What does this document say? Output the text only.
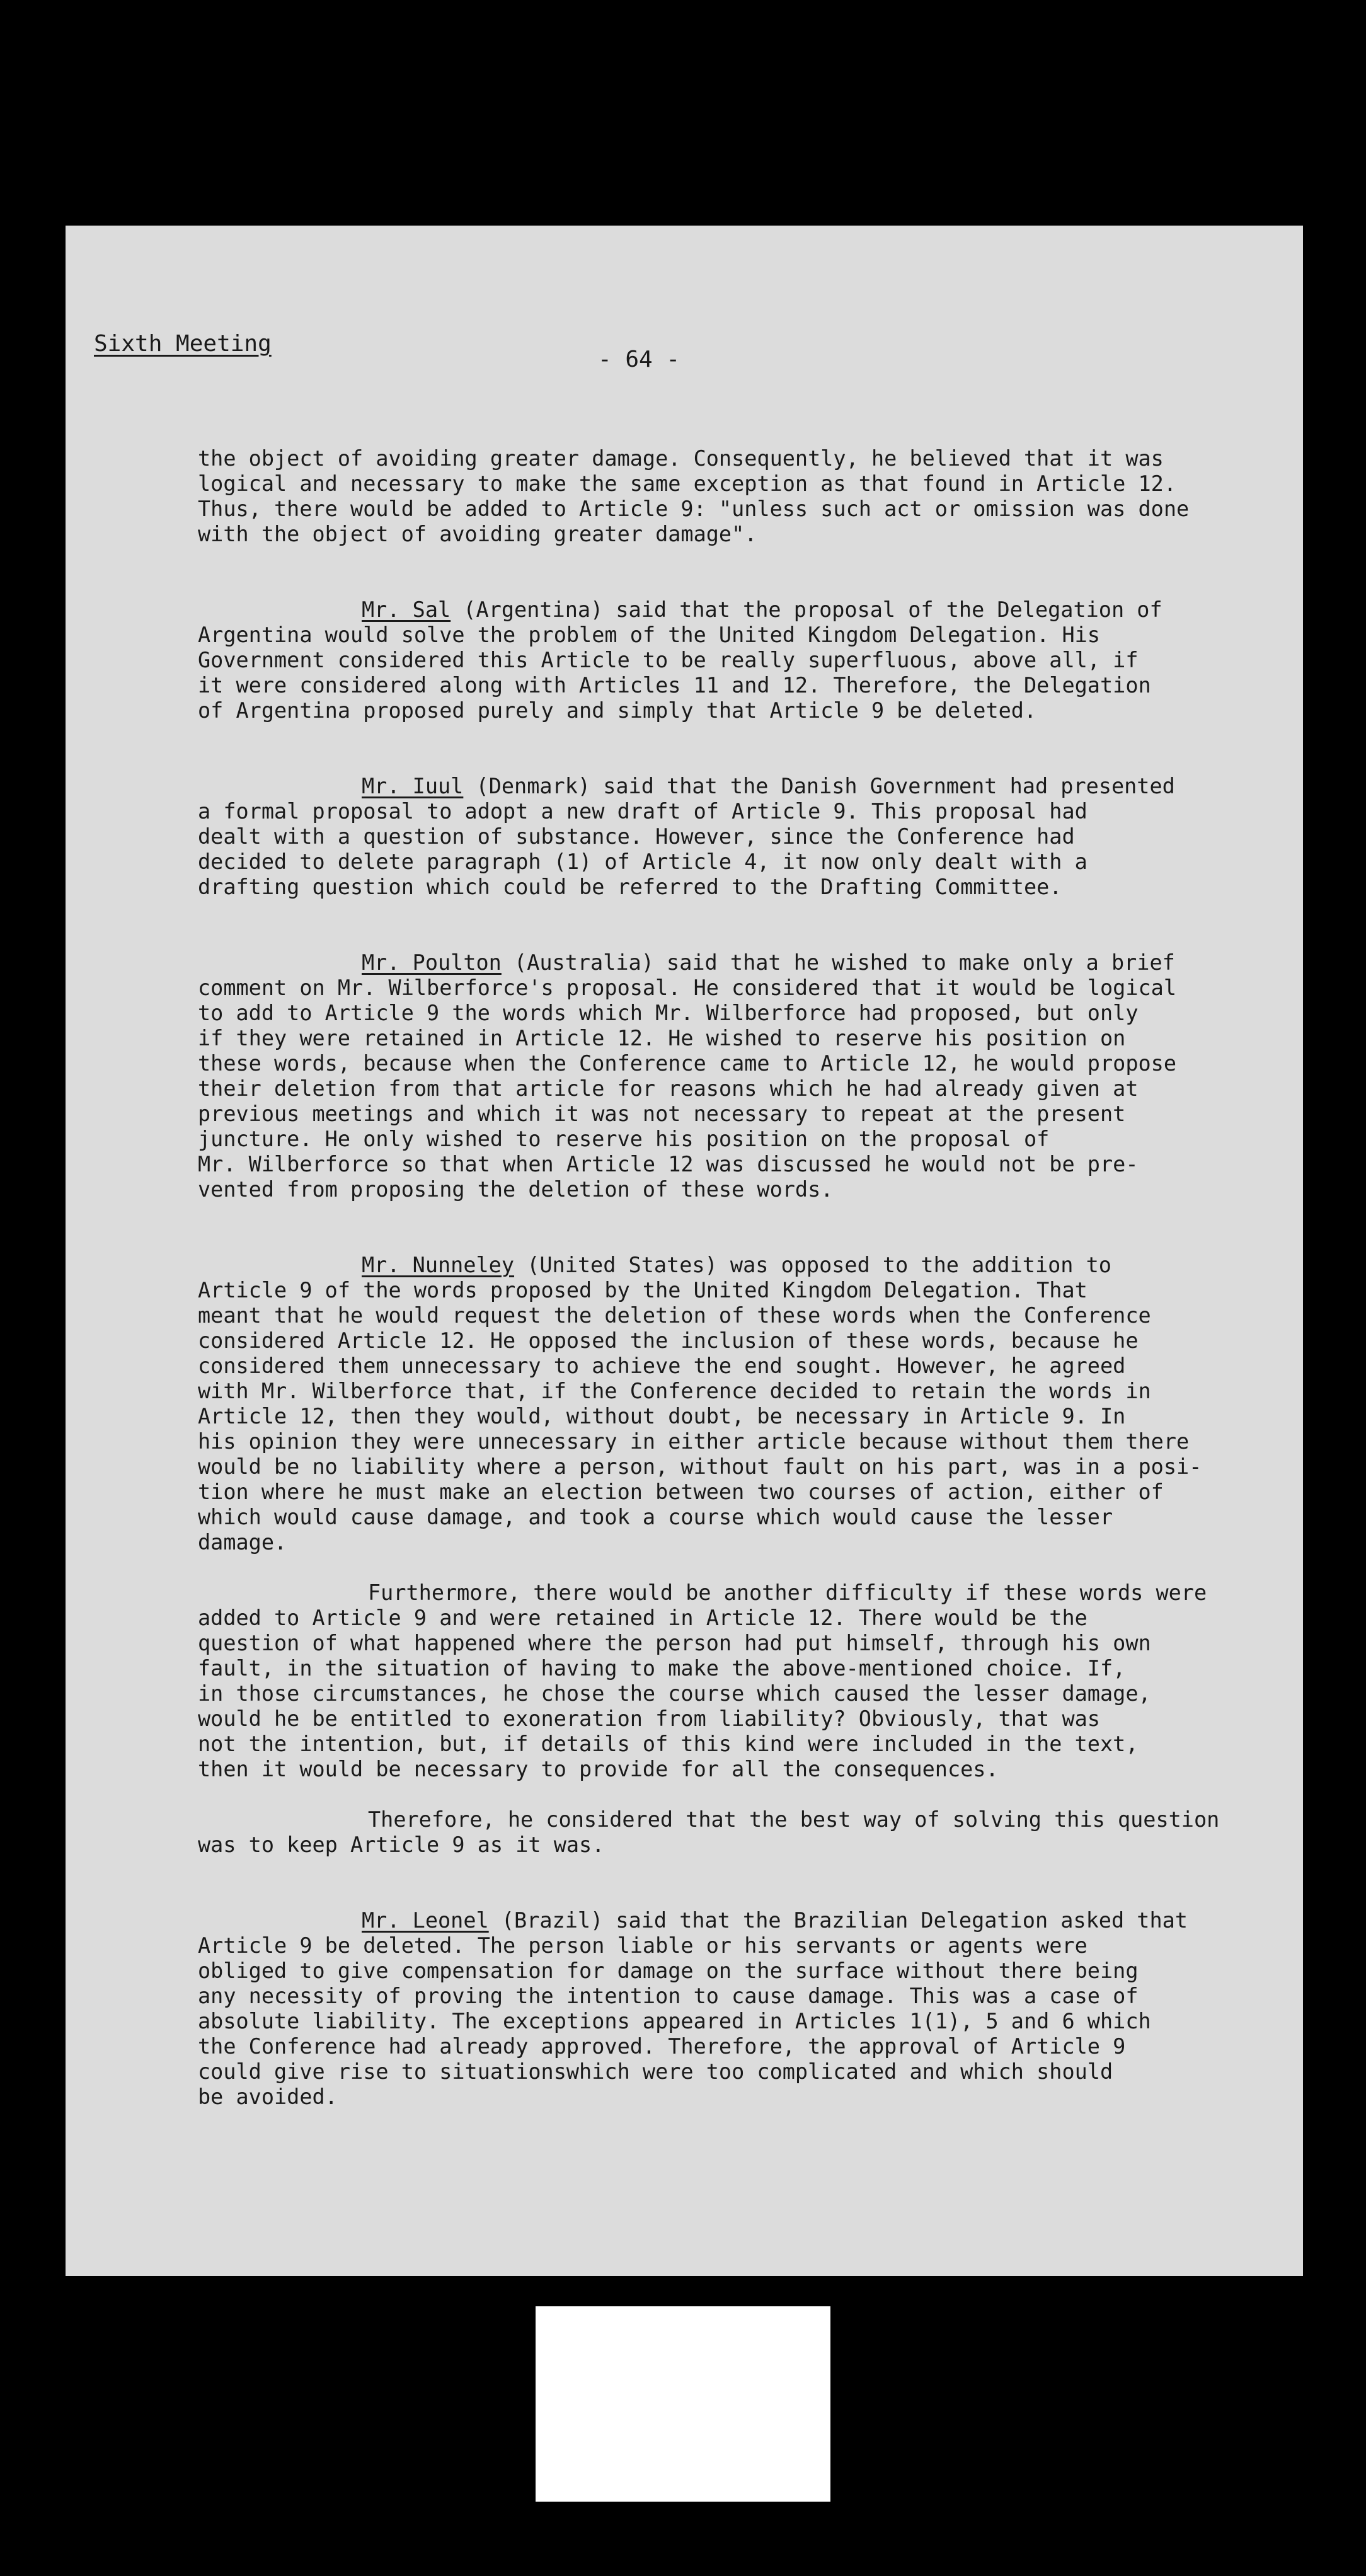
Sixth Meeting
- 64 -

the object of avoiding greater damage. Consequently, he believed that it was
logical and necessary to make the same exception as that found in Article 12.
Thus, there would be added to Article 9: "unless such act or omission was done
with the object of avoiding greater damage".

Mr. Sal (Argentina) said that the proposal of the Delegation of
Argentina would solve the problem of the United Kingdom Delegation. His
Government considered this Article to be really superfluous, above all, if
it were considered along with Articles 11 and 12. Therefore, the Delegation
of Argentina proposed purely and simply that Article 9 be deleted.

Mr. Iuul (Denmark) said that the Danish Government had presented
a formal proposal to adopt a new draft of Article 9. This proposal had
dealt with a question of substance. However, since the Conference had
decided to delete paragraph (1) of Article 4, it now only dealt with a
drafting question which could be referred to the Drafting Committee.

Mr. Poulton (Australia) said that he wished to make only a brief
comment on Mr. Wilberforce's proposal. He considered that it would be logical
to add to Article 9 the words which Mr. Wilberforce had proposed, but only
if they were retained in Article 12. He wished to reserve his position on
these words, because when the Conference came to Article 12, he would propose
their deletion from that article for reasons which he had already given at
previous meetings and which it was not necessary to repeat at the present
juncture. He only wished to reserve his position on the proposal of
Mr. Wilberforce so that when Article 12 was discussed he would not be pre-
vented from proposing the deletion of these words.

Mr. Nunneley (United States) was opposed to the addition to
Article 9 of the words proposed by the United Kingdom Delegation. That
meant that he would request the deletion of these words when the Conference
considered Article 12. He opposed the inclusion of these words, because he
considered them unnecessary to achieve the end sought. However, he agreed
with Mr. Wilberforce that, if the Conference decided to retain the words in
Article 12, then they would, without doubt, be necessary in Article 9. In
his opinion they were unnecessary in either article because without them there
would be no liability where a person, without fault on his part, was in a posi-
tion where he must make an election between two courses of action, either of
which would cause damage, and took a course which would cause the lesser
damage.

Furthermore, there would be another difficulty if these words were
added to Article 9 and were retained in Article 12. There would be the
question of what happened where the person had put himself, through his own
fault, in the situation of having to make the above-mentioned choice. If,
in those circumstances, he chose the course which caused the lesser damage,
would he be entitled to exoneration from liability? Obviously, that was
not the intention, but, if details of this kind were included in the text,
then it would be necessary to provide for all the consequences.

Therefore, he considered that the best way of solving this question
was to keep Article 9 as it was.

Mr. Leonel (Brazil) said that the Brazilian Delegation asked that
Article 9 be deleted. The person liable or his servants or agents were
obliged to give compensation for damage on the surface without there being
any necessity of proving the intention to cause damage. This was a case of
absolute liability. The exceptions appeared in Articles 1(1), 5 and 6 which
the Conference had already approved. Therefore, the approval of Article 9
could give rise to situationswhich were too complicated and which should
be avoided.
